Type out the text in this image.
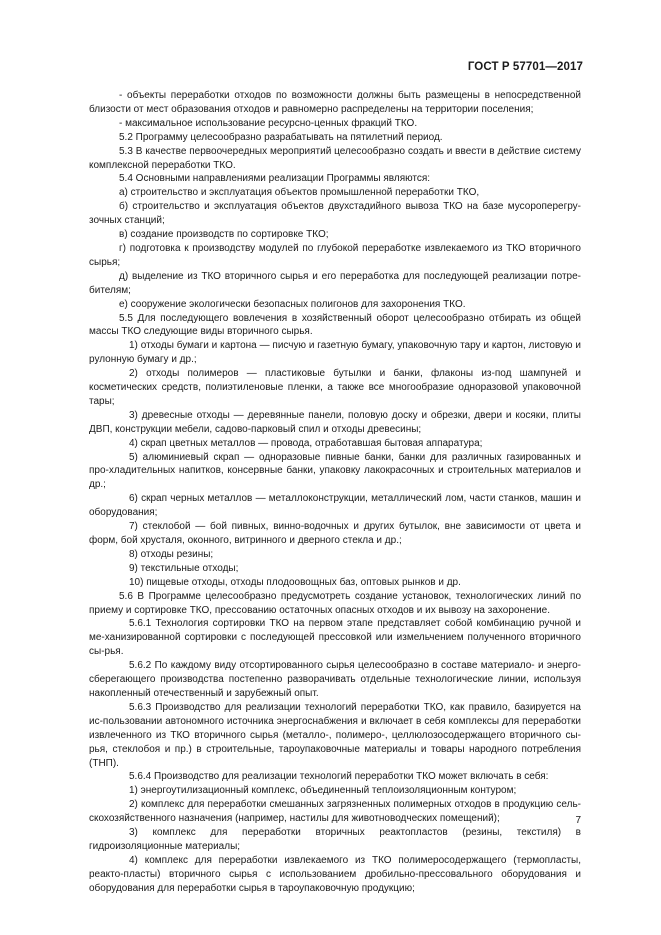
ГОСТ Р 57701—2017

- объекты переработки отходов по возможности должны быть размещены в непосредственной близости от мест образования отходов и равномерно распределены на территории поселения;

- максимальное использование ресурсно-ценных фракций ТКО.

5.2 Программу целесообразно разрабатывать на пятилетний период.

5.3 В качестве первоочередных мероприятий целесообразно создать и ввести в действие систему комплексной переработки ТКО.

5.4 Основными направлениями реализации Программы являются:

а) строительство и эксплуатация объектов промышленной переработки ТКО,

б) строительство и эксплуатация объектов двухстадийного вывоза ТКО на базе мусороперегру-зочных станций;

в) создание производств по сортировке ТКО;

г) подготовка к производству модулей по глубокой переработке извлекаемого из ТКО вторичного сырья;

д) выделение из ТКО вторичного сырья и его переработка для последующей реализации потре-бителям;

е) сооружение экологически безопасных полигонов для захоронения ТКО.

5.5 Для последующего вовлечения в хозяйственный оборот целесообразно отбирать из общей массы ТКО следующие виды вторичного сырья.

1) отходы бумаги и картона — писчую и газетную бумагу, упаковочную тару и картон, листовую и рулонную бумагу и др.;

2) отходы полимеров — пластиковые бутылки и банки, флаконы из-под шампуней и косметических средств, полиэтиленовые пленки, а также все многообразие одноразовой упаковочной тары;

3) древесные отходы — деревянные панели, половую доску и обрезки, двери и косяки, плиты ДВП, конструкции мебели, садово-парковый спил и отходы древесины;

4) скрап цветных металлов — провода, отработавшая бытовая аппаратура;

5) алюминиевый скрап — одноразовые пивные банки, банки для различных газированных и про-хладительных напитков, консервные банки, упаковку лакокрасочных и строительных материалов и др.;

6) скрап черных металлов — металлоконструкции, металлический лом, части станков, машин и оборудования;

7) стеклобой — бой пивных, винно-водочных и других бутылок, вне зависимости от цвета и форм, бой хрусталя, оконного, витринного и дверного стекла и др.;

8) отходы резины;

9) текстильные отходы;

10) пищевые отходы, отходы плодоовощных баз, оптовых рынков и др.

5.6 В Программе целесообразно предусмотреть создание установок, технологических линий по приему и сортировке ТКО, прессованию остаточных опасных отходов и их вывозу на захоронение.

5.6.1 Технология сортировки ТКО на первом этапе представляет собой комбинацию ручной и ме-ханизированной сортировки с последующей прессовкой или измельчением полученного вторичного сы-рья.

5.6.2 По каждому виду отсортированного сырья целесообразно в составе материало- и энерго-сберегающего производства постепенно разворачивать отдельные технологические линии, используя накопленный отечественный и зарубежный опыт.

5.6.3 Производство для реализации технологий переработки ТКО, как правило, базируется на ис-пользовании автономного источника энергоснабжения и включает в себя комплексы для переработки извлеченного из ТКО вторичного сырья (металло-, полимеро-, целлюлозосодержащего вторичного сы-рья, стеклобоя и пр.) в строительные, тароупаковочные материалы и товары народного потребления (ТНП).

5.6.4 Производство для реализации технологий переработки ТКО может включать в себя:

1) энергоутилизационный комплекс, объединенный теплоизоляционным контуром;

2) комплекс для переработки смешанных загрязненных полимерных отходов в продукцию сель-скохозяйственного назначения (например, настилы для животноводческих помещений);

3) комплекс для переработки вторичных реактопластов (резины, текстиля) в гидроизоляционные материалы;

4) комплекс для переработки извлекаемого из ТКО полимеросодержащего (термопласты, реакто-пласты) вторичного сырья с использованием дробильно-прессовального оборудования и оборудования для переработки сырья в тароупаковочную продукцию;

7
